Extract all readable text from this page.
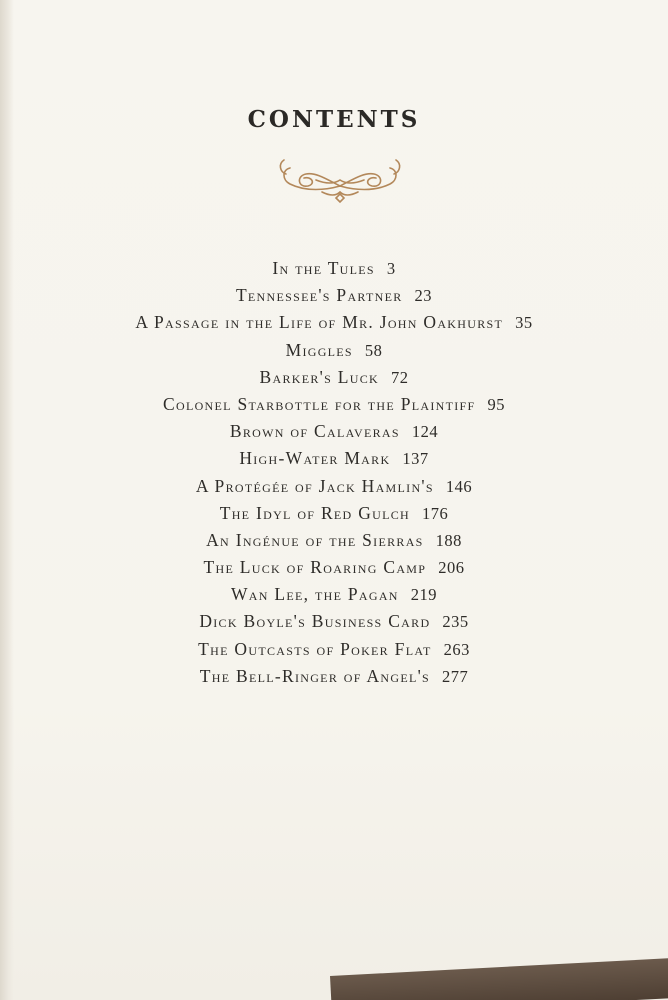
CONTENTS
In the Tules 3
Tennessee's Partner 23
A Passage in the Life of Mr. John Oakhurst 35
Miggles 58
Barker's Luck 72
Colonel Starbottle for the Plaintiff 95
Brown of Calaveras 124
High-Water Mark 137
A Protégée of Jack Hamlin's 146
The Idyl of Red Gulch 176
An Ingénue of the Sierras 188
The Luck of Roaring Camp 206
Wan Lee, the Pagan 219
Dick Boyle's Business Card 235
The Outcasts of Poker Flat 263
The Bell-Ringer of Angel's 277
